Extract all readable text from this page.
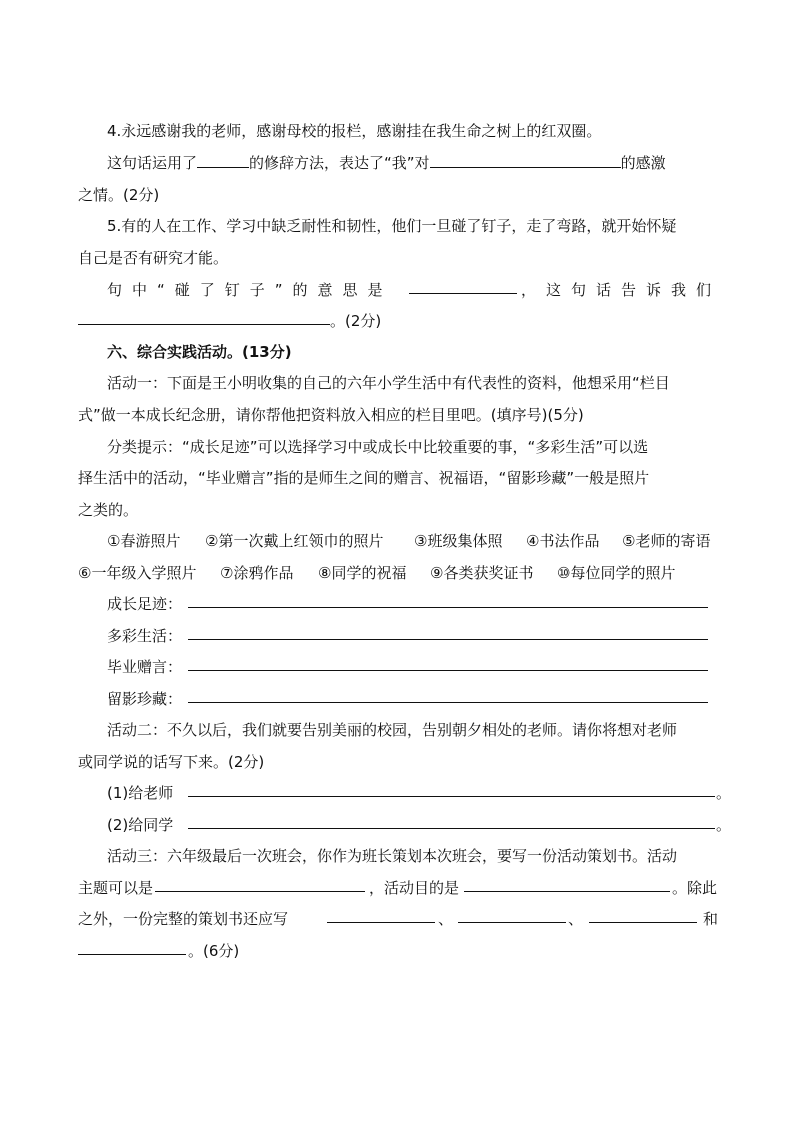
4.永远感谢我的老师，感谢母校的报栏，感谢挂在我生命之树上的红双圈。
这句话运用了	的修辞方法，表达了“我”对	的感激
之情。(2分)
5.有的人在工作、学习中缺乏耐性和韧性，他们一旦碰了钉子，走了弯路，就开始怀疑
自己是否有研究才能。
句中“碰了钉子”的意思是	，这句话告诉我们
。(2分)
六、综合实践活动。(13分)
活动一：下面是王小明收集的自己的六年小学生活中有代表性的资料，他想采用“栏目
式”做一本成长纪念册，请你帮他把资料放入相应的栏目里吧。(填序号)(5分)
分类提示：“成长足迹”可以选择学习中或成长中比较重要的事，“多彩生活”可以选
择生活中的活动，“毕业赠言”指的是师生之间的赠言、祝福语，“留影珍藏”一般是照片
之类的。
①春游照片 ②第一次戴上红领巾的照片 ③班级集体照 ④书法作品 ⑤老师的寄语
⑥一年级入学照片 ⑦涂鸦作品 ⑧同学的祝福 ⑨各类获奖证书 ⑩每位同学的照片
成长足迹：
多彩生活：
毕业赠言：
留影珍藏：
活动二：不久以后，我们就要告别美丽的校园，告别朝夕相处的老师。请你将想对老师
或同学说的话写下来。(2分)
(1)给老师	。
(2)给同学	。
活动三：六年级最后一次班会，你作为班长策划本次班会，要写一份活动策划书。活动
主题可以是	，活动目的是	。除此
之外，一份完整的策划书还应写	、	、	和
。(6分)
